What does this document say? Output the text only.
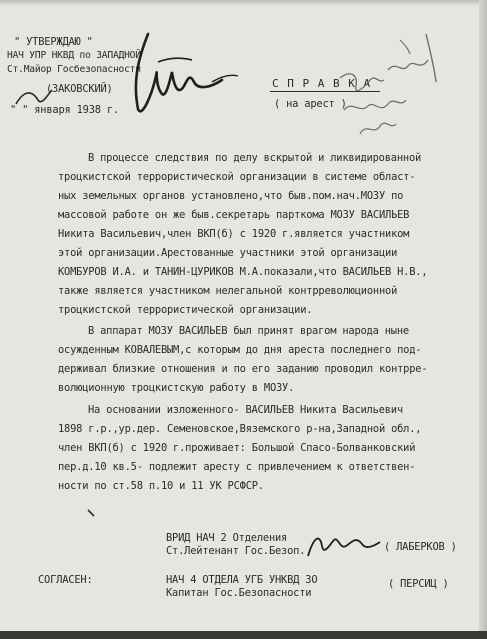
" УТВЕРЖДАЮ "
НАЧ УПР НКВД по ЗАПАДНОЙ
Ст.Майор Госбезопасности
(ЗАКОВСКИЙ)
" " января 1938 г.
С П Р А В К А
( на арест )
В процессе следствия по делу вскрытой и ликвидированной
троцкистской террористической организации в системе област-
ных земельных органов установлено,что быв.пом.нач.МОЗУ по
массовой работе он же быв.секретарь парткома МОЗУ ВАСИЛЬЕВ
Никита Васильевич,член ВКП(б) с 1920 г.является участником
этой организации.Арестованные участники этой организации
КОМБУРОВ И.А. и ТАНИН-ЦУРИКОВ М.А.показали,что ВАСИЛЬЕВ Н.В.,
также является участником нелегальной контрреволюционной
троцкистской террористической организации.
В аппарат МОЗУ ВАСИЛЬЕВ был принят врагом народа ныне
осужденным КОВАЛЕВЫМ,с которым до дня ареста последнего под-
держивал близкие отношения и по его заданию проводил контрре-
волюционную троцкистскую работу в МОЗУ.
На основании изложенного- ВАСИЛЬЕВ Никита Васильевич
1898 г.р.,ур.дер. Семеновское,Вяземского р-на,Западной обл.,
член ВКП(б) с 1920 г.проживает: Большой Спасо-Болванковский
пер.д.10 кв.5- подлежит аресту с привлечением к ответствен-
ности по ст.58 п.10 и 11 УК РСФСР.
ВРИД НАЧ 2 Отделения
Ст.Лейтенант Гос.Безоп.	( ЛАБЕРКОВ )
СОГЛАСЕН:	НАЧ 4 ОТДЕЛА УГБ УНКВД ЗО
Капитан Гос.Безопасности
( ПЕРСИЦ )
